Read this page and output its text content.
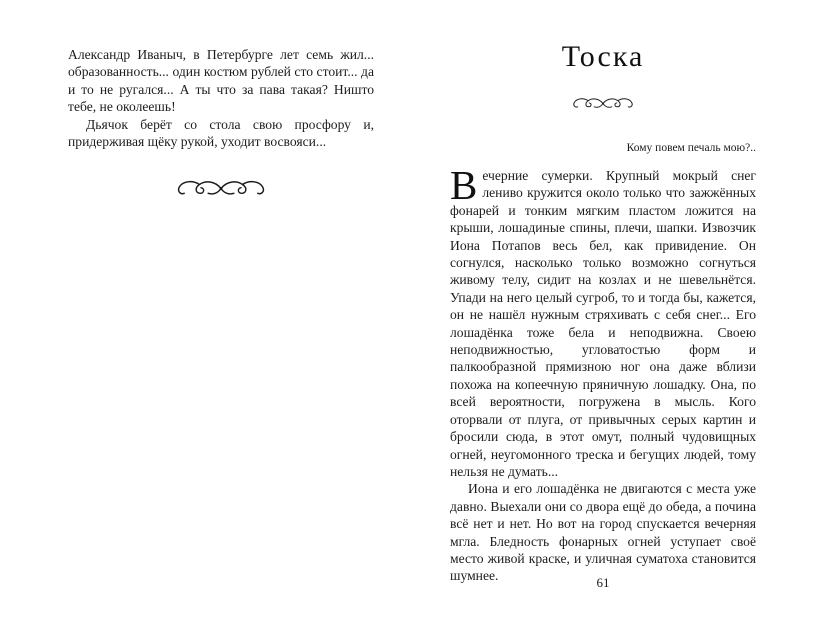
Александр Иваныч, в Петербурге лет семь жил... образованность... один костюм рублей сто стоит... да и то не ругался... А ты что за пава такая? Ништо тебе, не околеешь!

Дьячок берёт со стола свою просфору и, придерживая щёку рукой, уходит восвояси...

Тоска
Кому повем печаль мою?..

Вечерние сумерки. Крупный мокрый снег лениво кружится около только что зажжённых фонарей и тонким мягким пластом ложится на крыши, лошадиные спины, плечи, шапки. Извозчик Иона Потапов весь бел, как привидение. Он согнулся, насколько только возможно согнуться живому телу, сидит на козлах и не шевельнётся. Упади на него целый сугроб, то и тогда бы, кажется, он не нашёл нужным стряхивать с себя снег... Его лошадёнка тоже бела и неподвижна. Своею неподвижностью, угловатостью форм и палкообразной прямизною ног она даже вблизи похожа на копеечную пряничную лошадку. Она, по всей вероятности, погружена в мысль. Кого оторвали от плуга, от привычных серых картин и бросили сюда, в этот омут, полный чудовищных огней, неугомонного треска и бегущих людей, тому нельзя не думать...

Иона и его лошадёнка не двигаются с места уже давно. Выехали они со двора ещё до обеда, а почина всё нет и нет. Но вот на город спускается вечерняя мгла. Бледность фонарных огней уступает своё место живой краске, и уличная суматоха становится шумнее.	61
